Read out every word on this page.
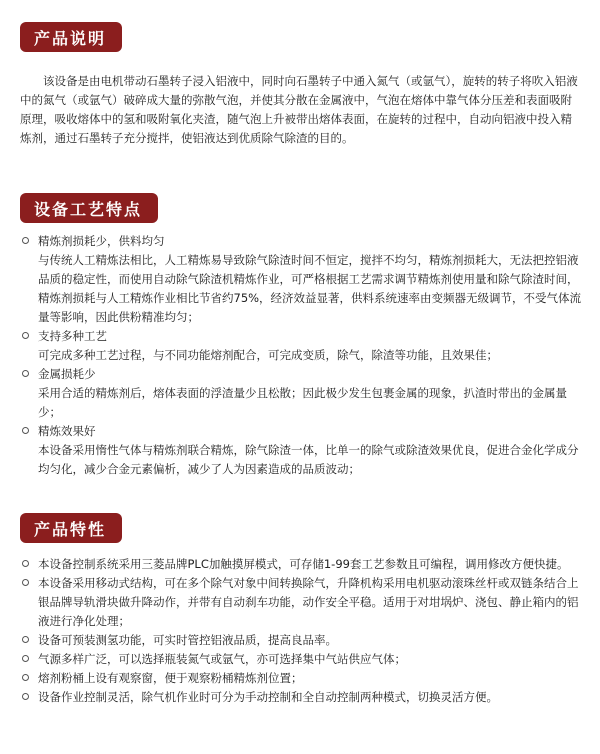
产品说明
该设备是由电机带动石墨转子浸入铝液中，同时向石墨转子中通入氮气（或氩气），旋转的转子将吹入铝液中的氮气（或氩气）破碎成大量的弥散气泡，并使其分散在金属液中，气泡在熔体中靠气体分压差和表面吸附原理，吸收熔体中的氢和吸附氧化夹渣，随气泡上升被带出熔体表面，在旋转的过程中，自动向铝液中投入精炼剂，通过石墨转子充分搅拌，使铝液达到优质除气除渣的目的。
设备工艺特点
精炼剂损耗少，供料均匀
与传统人工精炼法相比，人工精炼易导致除气除渣时间不恒定，搅拌不均匀，精炼剂损耗大，无法把控铝液品质的稳定性，而使用自动除气除渣机精炼作业，可严格根据工艺需求调节精炼剂使用量和除气除渣时间，精炼剂损耗与人工精炼作业相比节省约75%，经济效益显著，供料系统速率由变频器无级调节，不受气体流量等影响，因此供粉精准均匀；
支持多种工艺
可完成多种工艺过程，与不同功能熔剂配合，可完成变质，除气，除渣等功能，且效果佳；
金属损耗少
采用合适的精炼剂后，熔体表面的浮渣量少且松散；因此极少发生包裹金属的现象，扒渣时带出的金属量少；
精炼效果好
本设备采用惰性气体与精炼剂联合精炼，除气除渣一体，比单一的除气或除渣效果优良，促进合金化学成分均匀化，减少合金元素偏析，减少了人为因素造成的品质波动；
产品特性
本设备控制系统采用三菱品牌PLC加触摸屏模式，可存储1-99套工艺参数且可编程，调用修改方便快捷。
本设备采用移动式结构，可在多个除气对象中间转换除气，升降机构采用电机驱动滚珠丝杆或双链条结合上银品牌导轨滑块做升降动作，并带有自动刹车功能，动作安全平稳。适用于对坩埚炉、浇包、静止箱内的铝液进行净化处理；
设备可预装测氢功能，可实时管控铝液品质，提高良品率。
气源多样广泛，可以选择瓶装氮气或氩气，亦可选择集中气站供应气体；
熔剂粉桶上设有观察窗，便于观察粉桶精炼剂位置；
设备作业控制灵活，除气机作业时可分为手动控制和全自动控制两种模式，切换灵活方便。
